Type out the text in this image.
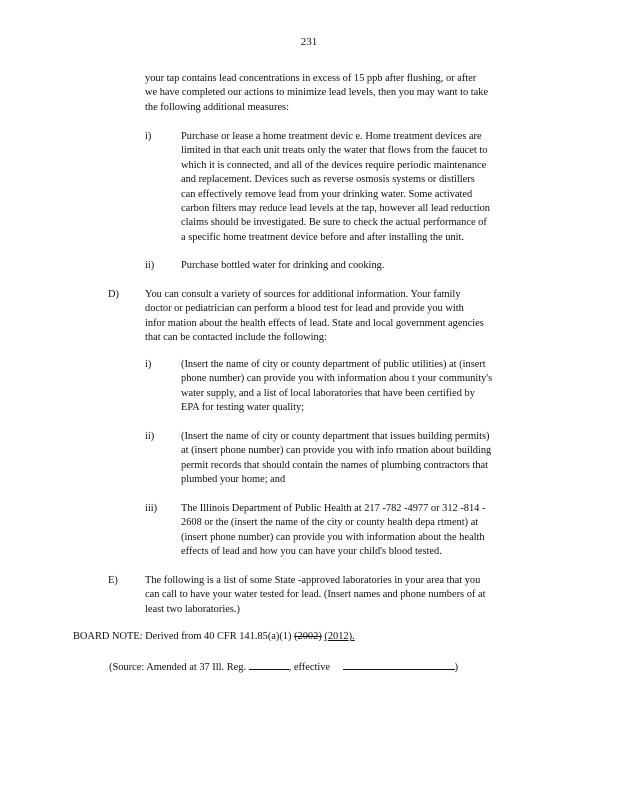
231
your tap contains lead concentrations in excess of 15 ppb after flushing, or after
we have completed our actions to minimize lead levels, then you may want to take
the following additional measures:
i)	Purchase or lease a home treatment devic e. Home treatment devices are
limited in that each unit treats only the water that flows from the faucet to
which it is connected, and all of the devices require periodic maintenance
and replacement. Devices such as reverse osmosis systems or distillers
can effectively remove lead from your drinking water. Some activated
carbon filters may reduce lead levels at the tap, however all lead reduction
claims should be investigated. Be sure to check the actual performance of
a specific home treatment device before and after installing the unit.
ii)	Purchase bottled water for drinking and cooking.
D)	You can consult a variety of sources for additional information. Your family
doctor or pediatrician can perform a blood test for lead and provide you with
infor mation about the health effects of lead. State and local government agencies
that can be contacted include the following:
i)	(Insert the name of city or county department of public utilities) at (insert
phone number) can provide you with information abou t your community's
water supply, and a list of local laboratories that have been certified by
EPA for testing water quality;
ii)	(Insert the name of city or county department that issues building permits)
at (insert phone number) can provide you with info rmation about building
permit records that should contain the names of plumbing contractors that
plumbed your home; and
iii) The Illinois Department of Public Health at 217 -782 -4977 or 312 -814 -
2608 or the (insert the name of the city or county health depa rtment) at
(insert phone number) can provide you with information about the health
effects of lead and how you can have your child's blood tested.
E)	The following is a list of some State -approved laboratories in your area that you
can call to have your water tested for lead. (Insert names and phone numbers of at
least two laboratories.)
BOARD NOTE: Derived from 40 CFR 141.85(a)(1) (2002) (2012).
(Source: Amended at 37 Ill. Reg.	, effective	)
